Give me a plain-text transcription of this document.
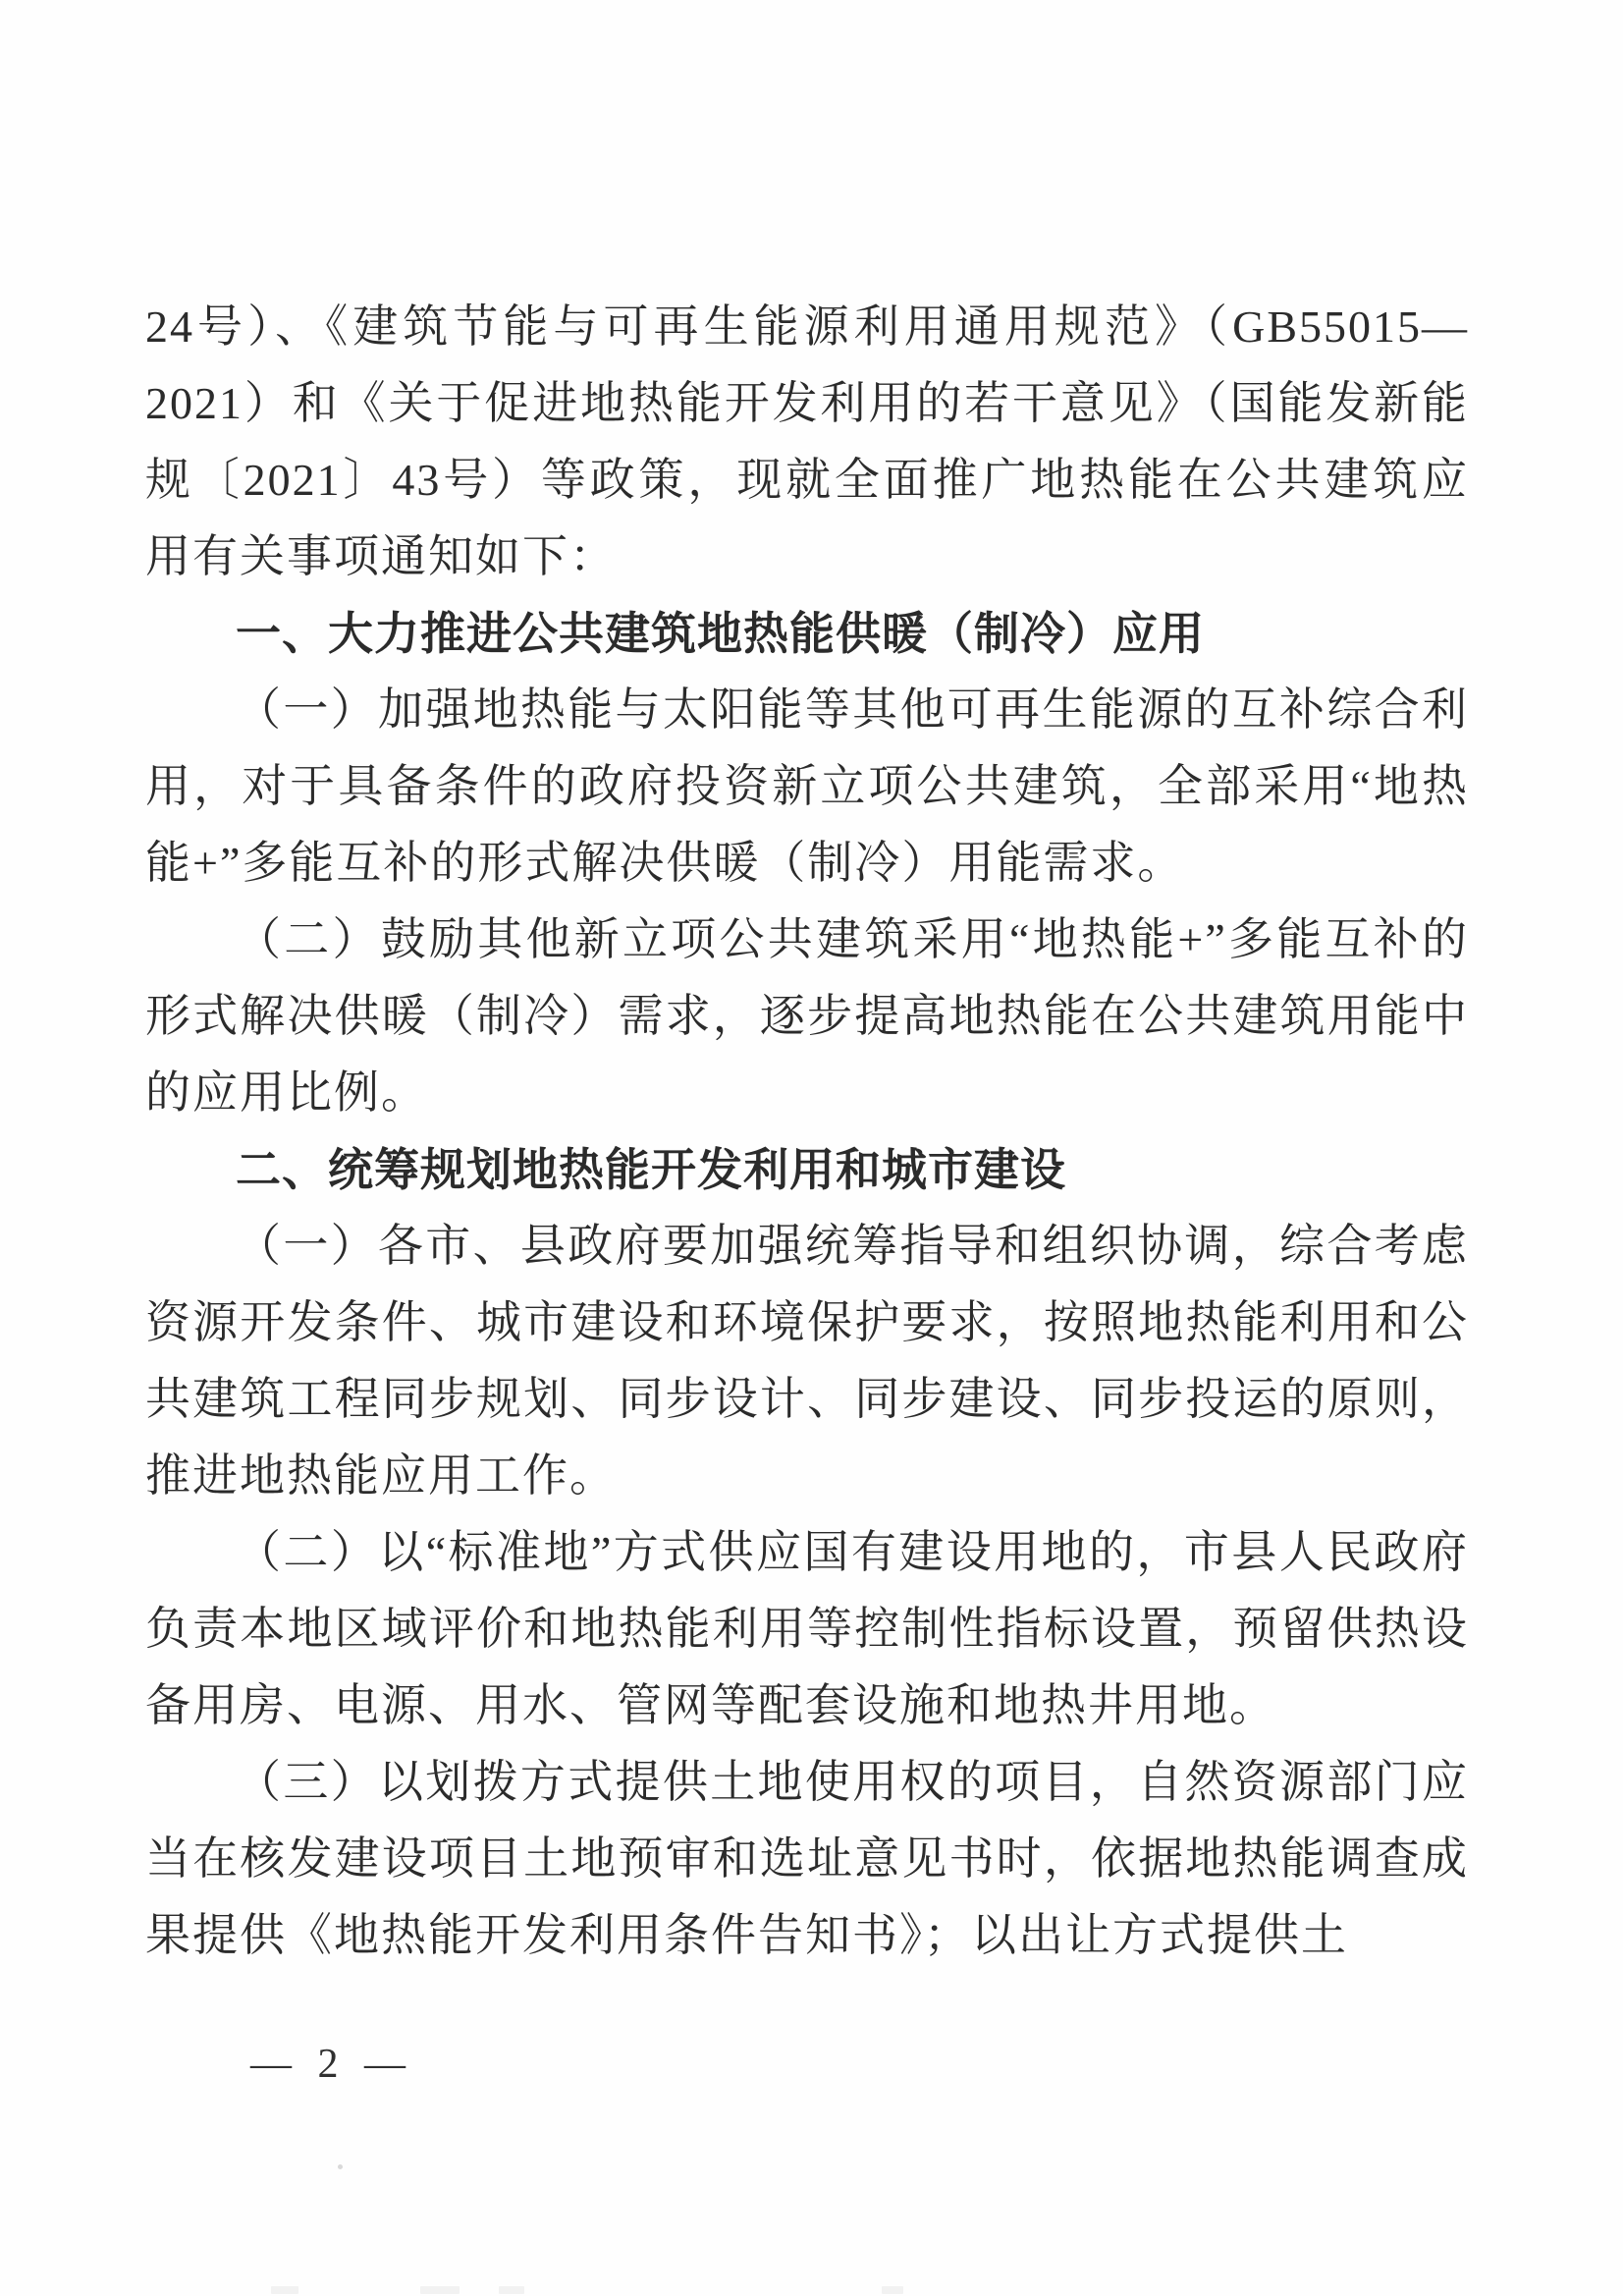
24号）、《建筑节能与可再生能源利用通用规范》（GB55015—2021）和《关于促进地热能开发利用的若干意见》（国能发新能规〔2021〕43号）等政策，现就全面推广地热能在公共建筑应用有关事项通知如下：

一、大力推进公共建筑地热能供暖（制冷）应用

（一）加强地热能与太阳能等其他可再生能源的互补综合利用，对于具备条件的政府投资新立项公共建筑，全部采用“地热能+”多能互补的形式解决供暖（制冷）用能需求。

（二）鼓励其他新立项公共建筑采用“地热能+”多能互补的形式解决供暖（制冷）需求，逐步提高地热能在公共建筑用能中的应用比例。

二、统筹规划地热能开发利用和城市建设

（一）各市、县政府要加强统筹指导和组织协调，综合考虑资源开发条件、城市建设和环境保护要求，按照地热能利用和公共建筑工程同步规划、同步设计、同步建设、同步投运的原则，推进地热能应用工作。

（二）以“标准地”方式供应国有建设用地的，市县人民政府负责本地区域评价和地热能利用等控制性指标设置，预留供热设备用房、电源、用水、管网等配套设施和地热井用地。

（三）以划拨方式提供土地使用权的项目，自然资源部门应当在核发建设项目土地预审和选址意见书时，依据地热能调查成果提供《地热能开发利用条件告知书》；以出让方式提供土

— 2 —
